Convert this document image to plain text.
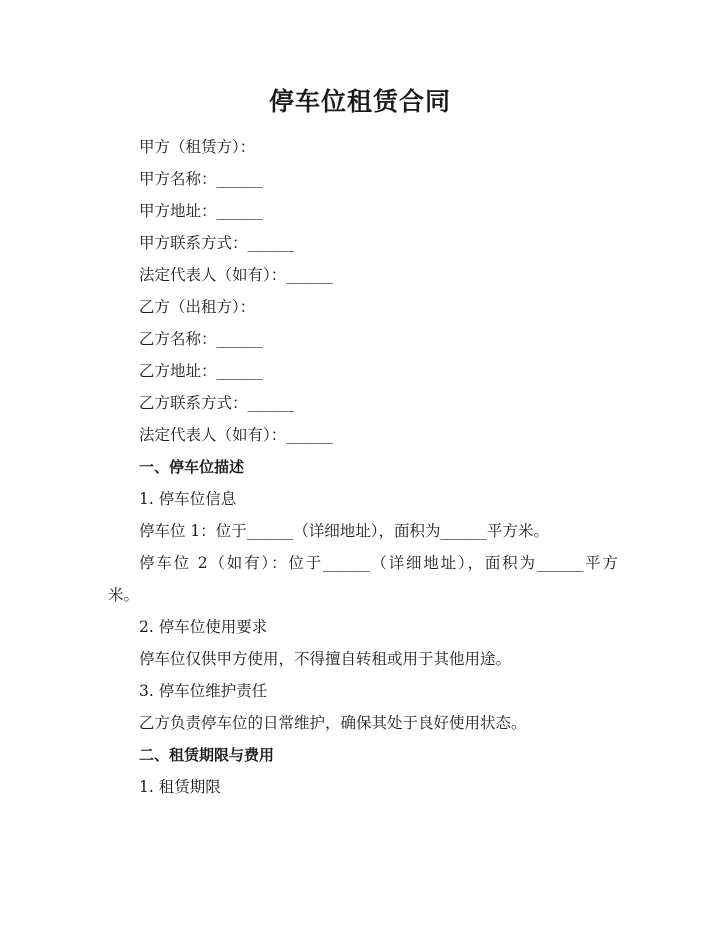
停车位租赁合同

甲方（租赁方）：

甲方名称：______

甲方地址：______

甲方联系方式：______

法定代表人（如有）：______

乙方（出租方）：

乙方名称：______

乙方地址：______

乙方联系方式：______

法定代表人（如有）：______

一、停车位描述

1. 停车位信息

停车位 1：位于______（详细地址），面积为______平方米。

停车位 2（如有）：位于______（详细地址），面积为______平方

米。

2. 停车位使用要求

停车位仅供甲方使用，不得擅自转租或用于其他用途。

3. 停车位维护责任

乙方负责停车位的日常维护，确保其处于良好使用状态。

二、租赁期限与费用

1. 租赁期限
